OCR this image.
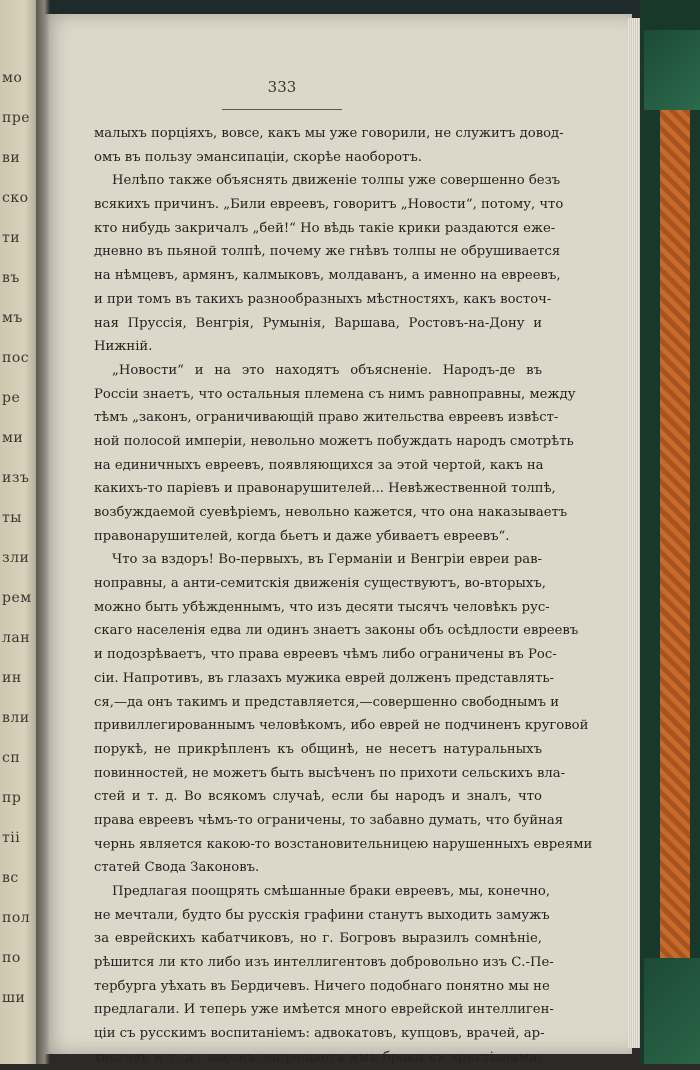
мо
пре
ви
ско
ти
въ
мъ
пос
ре
ми
изъ
ты
зли
рем
лан
ин
вли
сп
пр
тіі
вс
пол
по
ши
333
малыхъ порціяхъ, вовсе, какъ мы уже говорили, не служитъ довод-
омъ въ пользу эмансипаціи, скорѣе наоборотъ.
Нелѣпо также объяснять движеніе толпы уже совершенно безъ
всякихъ причинъ. „Били евреевъ, говоритъ „Новости“, потому, что
кто нибудь закричалъ „бей!“ Но вѣдь такіе крики раздаются еже-
дневно въ пьяной толпѣ, почему же гнѣвъ толпы не обрушивается
на нѣмцевъ, армянъ, калмыковъ, молдаванъ, а именно на евреевъ,
и при томъ въ такихъ разнообразныхъ мѣстностяхъ, какъ восточ-
ная Пруссія, Венгрія, Румынія, Варшава, Ростовъ-на-Дону и
Нижній.
„Новости“ и на это находятъ объясненіе. Народъ-де въ
Россіи знаетъ, что остальныя племена съ нимъ равноправны, между
тѣмъ „законъ, ограничивающій право жительства евреевъ извѣст-
ной полосой имперіи, невольно можетъ побуждать народъ смотрѣть
на единичныхъ евреевъ, появляющихся за этой чертой, какъ на
какихъ-то паріевъ и правонарушителей... Невѣжественной толпѣ,
возбуждаемой суевѣріемъ, невольно кажется, что она наказываетъ
правонарушителей, когда бьетъ и даже убиваетъ евреевъ“.
Что за вздоръ! Во-первыхъ, въ Германіи и Венгріи евреи рав-
ноправны, а анти-семитскія движенія существуютъ, во-вторыхъ,
можно быть убѣжденнымъ, что изъ десяти тысячъ человѣкъ рус-
скаго населенія едва ли одинъ знаетъ законы объ осѣдлости евреевъ
и подозрѣваетъ, что права евреевъ чѣмъ либо ограничены въ Рос-
сіи. Напротивъ, въ глазахъ мужика еврей долженъ представлять-
ся,—да онъ такимъ и представляется,—совершенно свободнымъ и
привиллегированнымъ человѣкомъ, ибо еврей не подчиненъ круговой
порукѣ, не прикрѣпленъ къ общинѣ, не несетъ натуральныхъ
повинностей, не можетъ быть высѣченъ по прихоти сельскихъ вла-
стей и т. д. Во всякомъ случаѣ, если бы народъ и зналъ, что
права евреевъ чѣмъ-то ограничены, то забавно думать, что буйная
чернь является какою-то возстановительницею нарушенныхъ евреями
статей Свода Законовъ.
Предлагая поощрять смѣшанные браки евреевъ, мы, конечно,
не мечтали, будто бы русскія графини станутъ выходить замужъ
за еврейскихъ кабатчиковъ, но г. Богровъ выразилъ сомнѣніе,
рѣшится ли кто либо изъ интеллигентовъ добровольно изъ С.-Пе-
тербурга уѣхать въ Бердичевъ. Ничего подобнаго понятно мы не
предлагали. И теперь уже имѣется много еврейской интеллиген-
ціи съ русскимъ воспитаніемъ: адвокатовъ, купцовъ, врачей, ар-
тистовъ и т. д.; законъ запрещаетъ имъ браки съ христіанами;
